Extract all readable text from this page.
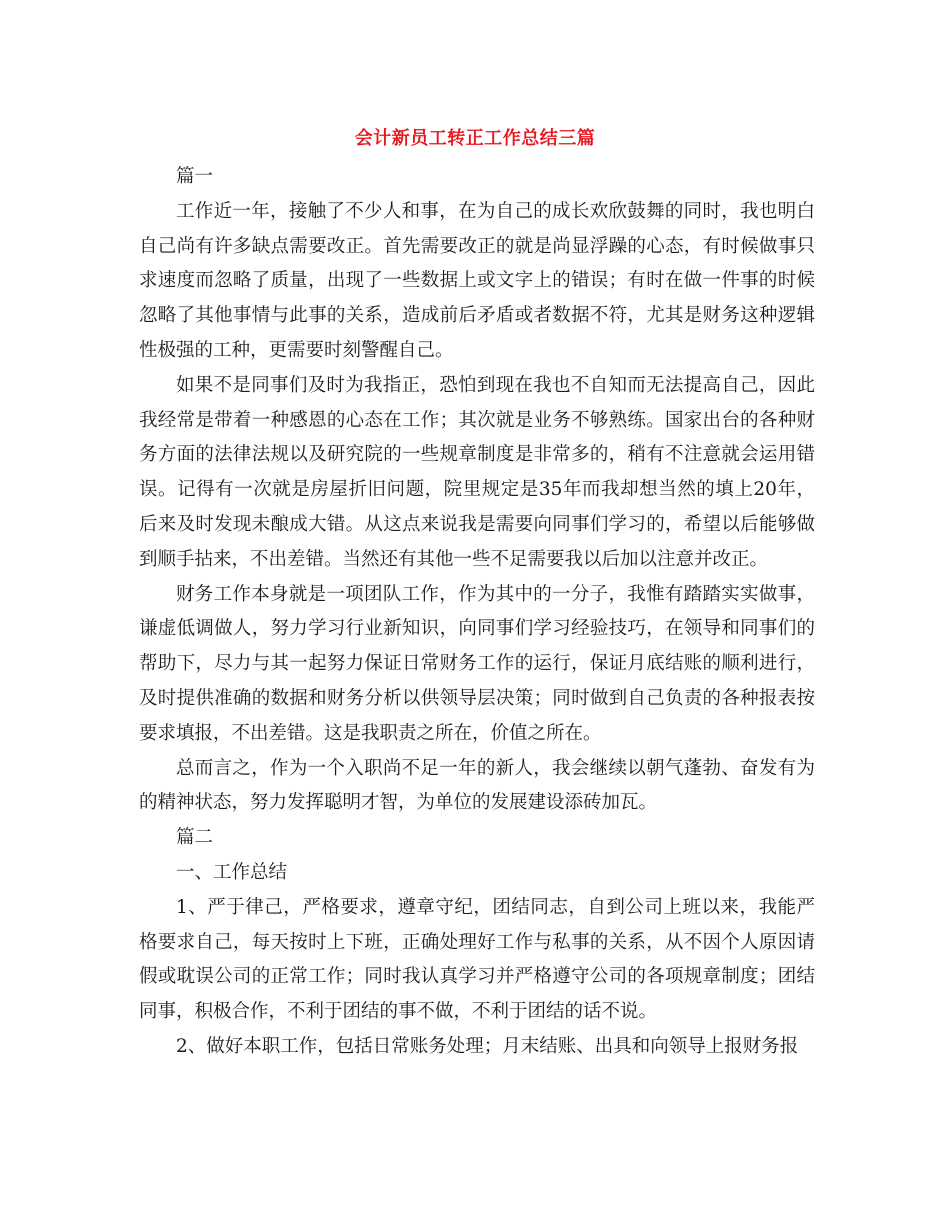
会计新员工转正工作总结三篇

篇一

工作近一年，接触了不少人和事，在为自己的成长欢欣鼓舞的同时，我也明白自己尚有许多缺点需要改正。首先需要改正的就是尚显浮躁的心态，有时候做事只求速度而忽略了质量，出现了一些数据上或文字上的错误；有时在做一件事的时候忽略了其他事情与此事的关系，造成前后矛盾或者数据不符，尤其是财务这种逻辑性极强的工种，更需要时刻警醒自己。

如果不是同事们及时为我指正，恐怕到现在我也不自知而无法提高自己，因此我经常是带着一种感恩的心态在工作；其次就是业务不够熟练。国家出台的各种财务方面的法律法规以及研究院的一些规章制度是非常多的，稍有不注意就会运用错误。记得有一次就是房屋折旧问题，院里规定是35年而我却想当然的填上20年，后来及时发现未酿成大错。从这点来说我是需要向同事们学习的，希望以后能够做到顺手拈来，不出差错。当然还有其他一些不足需要我以后加以注意并改正。

财务工作本身就是一项团队工作，作为其中的一分子，我惟有踏踏实实做事，谦虚低调做人，努力学习行业新知识，向同事们学习经验技巧，在领导和同事们的帮助下，尽力与其一起努力保证日常财务工作的运行，保证月底结账的顺利进行，及时提供准确的数据和财务分析以供领导层决策；同时做到自己负责的各种报表按要求填报，不出差错。这是我职责之所在，价值之所在。

总而言之，作为一个入职尚不足一年的新人，我会继续以朝气蓬勃、奋发有为的精神状态，努力发挥聪明才智，为单位的发展建设添砖加瓦。

篇二

一、工作总结

1、严于律己，严格要求，遵章守纪，团结同志，自到公司上班以来，我能严格要求自己，每天按时上下班，正确处理好工作与私事的关系，从不因个人原因请假或耽误公司的正常工作；同时我认真学习并严格遵守公司的各项规章制度；团结同事，积极合作，不利于团结的事不做，不利于团结的话不说。

2、做好本职工作，包括日常账务处理；月末结账、出具和向领导上报财务报
